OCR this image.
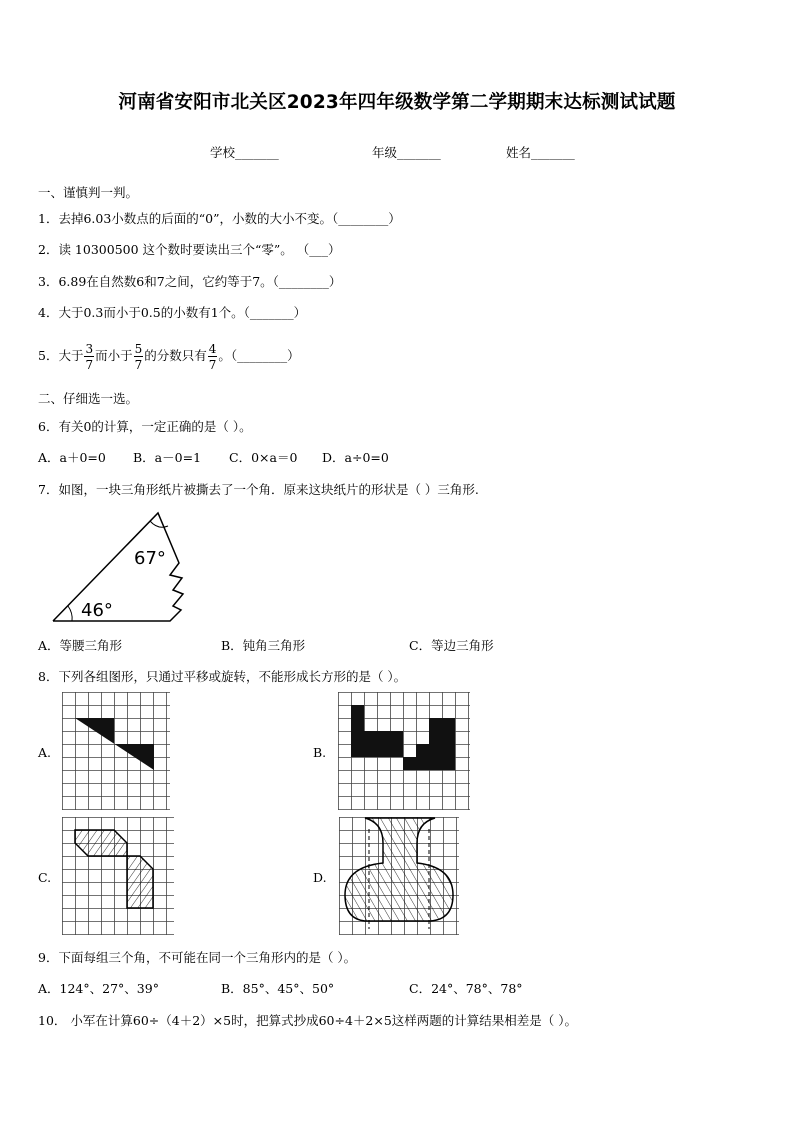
河南省安阳市北关区2023年四年级数学第二学期期末达标测试试题
学校_______	年级_______	姓名_______
一、谨慎判一判。
1．去掉6.03小数点的后面的“0”，小数的大小不变。（________）
2．读 10300500 这个数时要读出三个“零”。 （___）
3．6.89在自然数6和7之间，它约等于7。（________）
4．大于0.3而小于0.5的小数有1个。（_______）
5．大于 $\frac{3}{7}$ 而小于 $\frac{5}{7}$ 的分数只有 $\frac{4}{7}$ 。（________）
二、仔细选一选。
6．有关0的计算，一定正确的是（ ）。
A．a＋0=0 B．a－0=1 C．0×a＝0 D．a÷0=0
7．如图，一块三角形纸片被撕去了一个角．原来这块纸片的形状是（ ）三角形.
67°
46°
A．等腰三角形	B．钝角三角形	C．等边三角形
8．下列各组图形，只通过平移或旋转，不能形成长方形的是（ ）。
A.	B.
C.	D.
9．下面每组三个角，不可能在同一个三角形内的是（ ）。
A．124°、27°、39°	B．85°、45°、50°	C．24°、78°、78°
10． 小军在计算60÷（4＋2）×5时，把算式抄成60÷4＋2×5这样两题的计算结果相差是（ ）。
